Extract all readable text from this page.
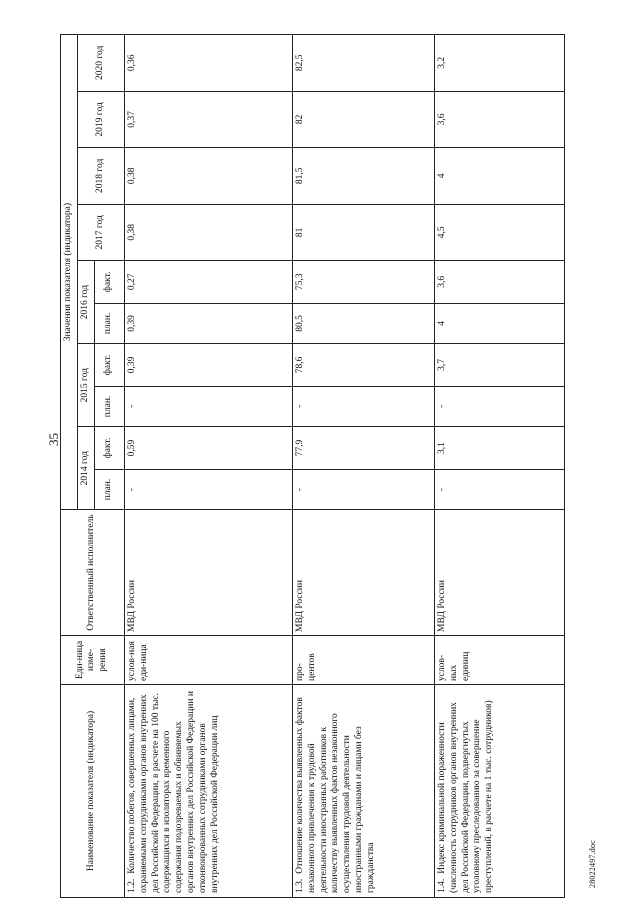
35
Наименование показателя (индикатора)	Еди-ница изме-рения	Ответственный исполнитель	Значения показателя (индикатора)									
			2014 год		2015 год		2016 год		2017 год	2018 год	2019 год	2020 год
			план.	факт.	план.	факт.	план.	факт.				
1.2.Количество побегов, совершенных лицами, охраняемыми сотрудниками органов внутренних дел Российской Федерации, в расчете на 100 тыс. содержащихся в изоляторах временного содержания подозреваемых и обвиняемых органов внутренних дел Российской Федерации и отконвоированных сотрудниками органов внутренних дел Российской Федерации лиц	услов-ная еди-ница	МВД России	-	0,59	-	0,39	0,39	0,27	0,38	0,38	0,37	0,36
1.3.Отношение количества выявленных фактов незаконного привлечения к трудовой деятельности иностранных работников к количеству выявленных фактов незаконного осуществления трудовой деятельности иностранными гражданами и лицами без гражданства	про-центов	МВД России	-	77,9	-	78,6	80,5	75,3	81	81,5	82	82,5
1.4.Индекс криминальной пораженности (численность сотрудников органов внутренних дел Российской Федерации, подвергнутых уголовному преследованию за совершение преступлений, в расчете на 1 тыс. сотрудников)	услов-ных единиц	МВД России	-	3,1	-	3,7	4	3,6	4,5	4	3,6	3,2
28022497.doc
